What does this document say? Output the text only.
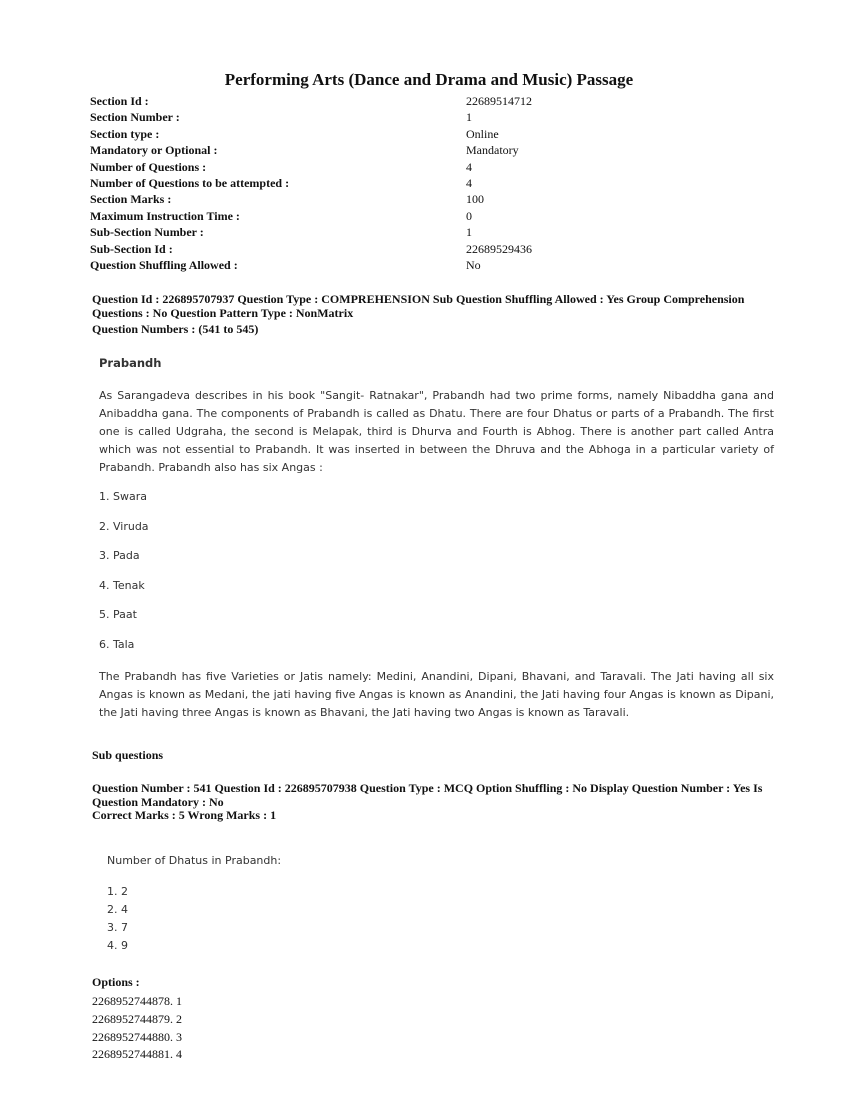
Performing Arts (Dance and Drama and Music) Passage
Section Id :	22689514712
Section Number :	1
Section type :	Online
Mandatory or Optional :	Mandatory
Number of Questions :	4
Number of Questions to be attempted :	4
Section Marks :	100
Maximum Instruction Time :	0
Sub-Section Number :	1
Sub-Section Id :	22689529436
Question Shuffling Allowed :	No
Question Id : 226895707937 Question Type : COMPREHENSION Sub Question Shuffling Allowed : Yes Group Comprehension Questions : No Question Pattern Type : NonMatrix
Question Numbers : (541 to 545)

Prabandh

As Sarangadeva describes in his book "Sangit- Ratnakar", Prabandh had two prime forms, namely Nibaddha gana and Anibaddha gana. The components of Prabandh is called as Dhatu. There are four Dhatus or parts of a Prabandh. The first one is called Udgraha, the second is Melapak, third is Dhurva and Fourth is Abhog. There is another part called Antra which was not essential to Prabandh. It was inserted in between the Dhruva and the Abhoga in a particular variety of Prabandh. Prabandh also has six Angas :

1. Swara
2. Viruda
3. Pada
4. Tenak
5. Paat
6. Tala

The Prabandh has five Varieties or Jatis namely: Medini, Anandini, Dipani, Bhavani, and Taravali. The Jati having all six Angas is known as Medani, the jati having five Angas is known as Anandini, the Jati having four Angas is known as Dipani, the Jati having three Angas is known as Bhavani, the Jati having two Angas is known as Taravali.

Sub questions
Question Number : 541 Question Id : 226895707938 Question Type : MCQ Option Shuffling : No Display Question Number : Yes Is Question Mandatory : No
Correct Marks : 5 Wrong Marks : 1

Number of Dhatus in Prabandh:

1. 2
2. 4
3. 7
4. 9
Options :
2268952744878. 1
2268952744879. 2
2268952744880. 3
2268952744881. 4
